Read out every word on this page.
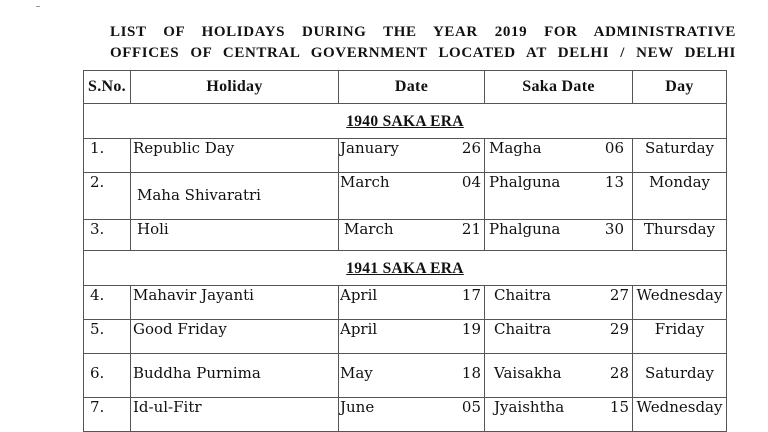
LIST OF HOLIDAYS DURING THE YEAR 2019 FOR ADMINISTRATIVE
OFFICES OF CENTRAL GOVERNMENT LOCATED AT DELHI / NEW DELHI
S.No.	Holiday	Date	Saka Date	Day
1940 SAKA ERA				
1.	Republic Day	January 26	Magha 06	Saturday
2.	Maha Shivaratri	March 04	Phalguna 13	Monday
3.	Holi	March 21	Phalguna 30	Thursday
1941 SAKA ERA				
4.	Mahavir Jayanti	April 17	Chaitra 27	Wednesday
5.	Good Friday	April 19	Chaitra 29	Friday
6.	Buddha Purnima	May 18	Vaisakha 28	Saturday
7.	Id-ul-Fitr	June 05	Jyaishtha 15	Wednesday
